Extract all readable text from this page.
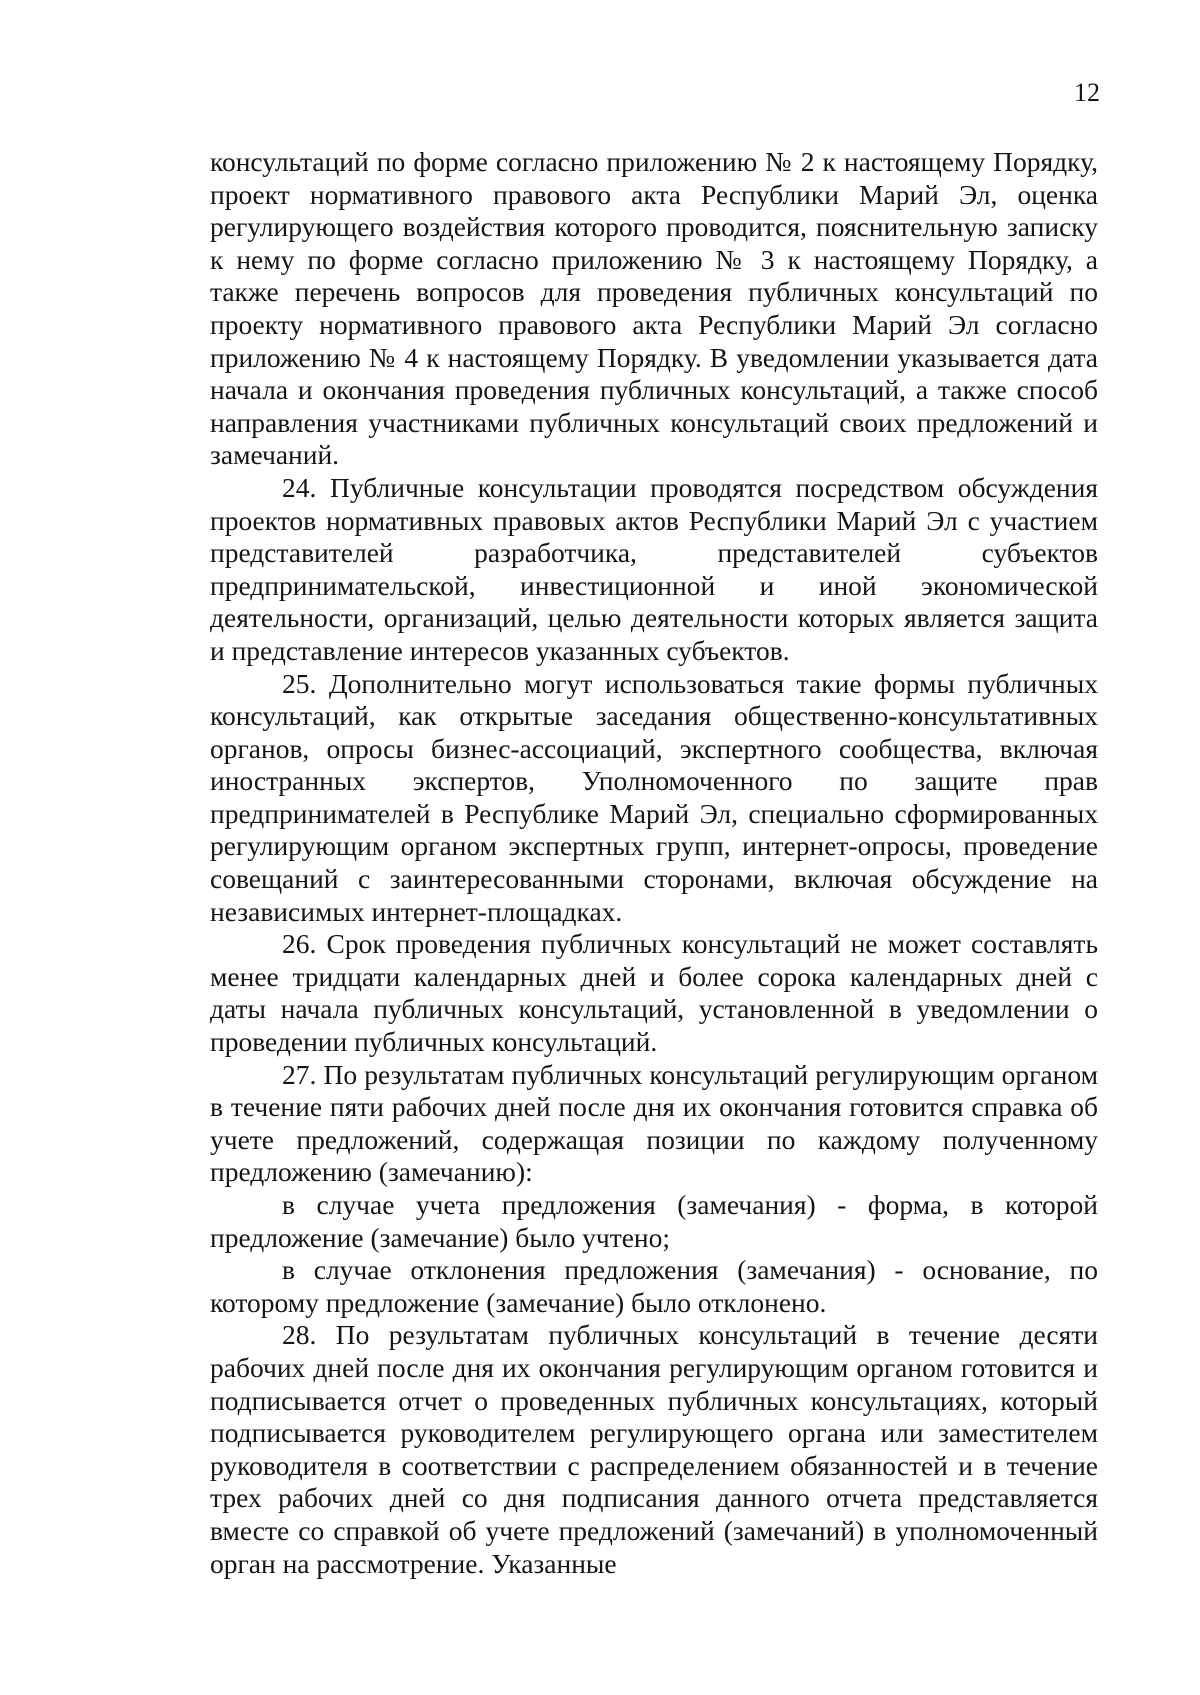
12

консультаций по форме согласно приложению № 2 к настоящему Порядку, проект нормативного правового акта Республики Марий Эл, оценка регулирующего воздействия которого проводится, пояснительную записку к нему по форме согласно приложению № 3 к настоящему Порядку, а также перечень вопросов для проведения публичных консультаций по проекту нормативного правового акта Республики Марий Эл согласно приложению № 4 к настоящему Порядку. В уведомлении указывается дата начала и окончания проведения публичных консультаций, а также способ направления участниками публичных консультаций своих предложений и замечаний.

24. Публичные консультации проводятся посредством обсуждения проектов нормативных правовых актов Республики Марий Эл с участием представителей разработчика, представителей субъектов предпринимательской, инвестиционной и иной экономической деятельности, организаций, целью деятельности которых является защита и представление интересов указанных субъектов.

25. Дополнительно могут использоваться такие формы публичных консультаций, как открытые заседания общественно-консультативных органов, опросы бизнес-ассоциаций, экспертного сообщества, включая иностранных экспертов, Уполномоченного по защите прав предпринимателей в Республике Марий Эл, специально сформированных регулирующим органом экспертных групп, интернет-опросы, проведение совещаний с заинтересованными сторонами, включая обсуждение на независимых интернет-площадках.

26. Срок проведения публичных консультаций не может составлять менее тридцати календарных дней и более сорока календарных дней с даты начала публичных консультаций, установленной в уведомлении о проведении публичных консультаций.

27. По результатам публичных консультаций регулирующим органом в течение пяти рабочих дней после дня их окончания готовится справка об учете предложений, содержащая позиции по каждому полученному предложению (замечанию):

в случае учета предложения (замечания) - форма, в которой предложение (замечание) было учтено;

в случае отклонения предложения (замечания) - основание, по которому предложение (замечание) было отклонено.

28. По результатам публичных консультаций в течение десяти рабочих дней после дня их окончания регулирующим органом готовится и подписывается отчет о проведенных публичных консультациях, который подписывается руководителем регулирующего органа или заместителем руководителя в соответствии с распределением обязанностей и в течение трех рабочих дней со дня подписания данного отчета представляется вместе со справкой об учете предложений (замечаний) в уполномоченный орган на рассмотрение. Указанные
